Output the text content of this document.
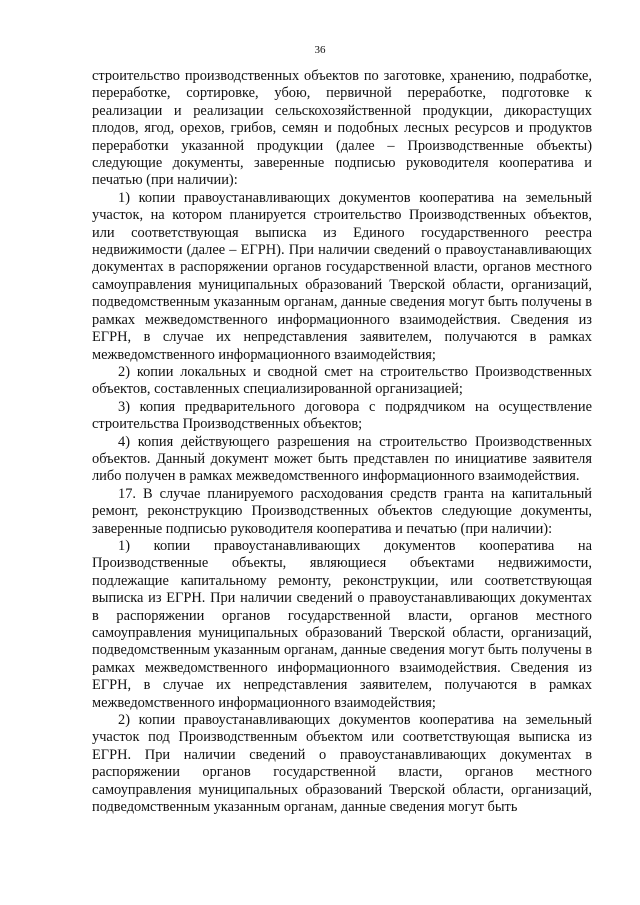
36

строительство производственных объектов по заготовке, хранению, подработке, переработке, сортировке, убою, первичной переработке, подготовке к реализации и реализации сельскохозяйственной продукции, дикорастущих плодов, ягод, орехов, грибов, семян и подобных лесных ресурсов и продуктов переработки указанной продукции (далее – Производственные объекты) следующие документы, заверенные подписью руководителя кооператива и печатью (при наличии):

1) копии правоустанавливающих документов кооператива на земельный участок, на котором планируется строительство Производственных объектов, или соответствующая выписка из Единого государственного реестра недвижимости (далее – ЕГРН). При наличии сведений о правоустанавливающих документах в распоряжении органов государственной власти, органов местного самоуправления муниципальных образований Тверской области, организаций, подведомственным указанным органам, данные сведения могут быть получены в рамках межведомственного информационного взаимодействия. Сведения из ЕГРН, в случае их непредставления заявителем, получаются в рамках межведомственного информационного взаимодействия;

2) копии локальных и сводной смет на строительство Производственных объектов, составленных специализированной организацией;

3) копия предварительного договора с подрядчиком на осуществление строительства Производственных объектов;

4) копия действующего разрешения на строительство Производственных объектов. Данный документ может быть представлен по инициативе заявителя либо получен в рамках межведомственного информационного взаимодействия.

17. В случае планируемого расходования средств гранта на капитальный ремонт, реконструкцию Производственных объектов следующие документы, заверенные подписью руководителя кооператива и печатью (при наличии):

1) копии правоустанавливающих документов кооператива на Производственные объекты, являющиеся объектами недвижимости, подлежащие капитальному ремонту, реконструкции, или соответствующая выписка из ЕГРН. При наличии сведений о правоустанавливающих документах в распоряжении органов государственной власти, органов местного самоуправления муниципальных образований Тверской области, организаций, подведомственным указанным органам, данные сведения могут быть получены в рамках межведомственного информационного взаимодействия. Сведения из ЕГРН, в случае их непредставления заявителем, получаются в рамках межведомственного информационного взаимодействия;

2) копии правоустанавливающих документов кооператива на земельный участок под Производственным объектом или соответствующая выписка из ЕГРН. При наличии сведений о правоустанавливающих документах в распоряжении органов государственной власти, органов местного самоуправления муниципальных образований Тверской области, организаций, подведомственным указанным органам, данные сведения могут быть
